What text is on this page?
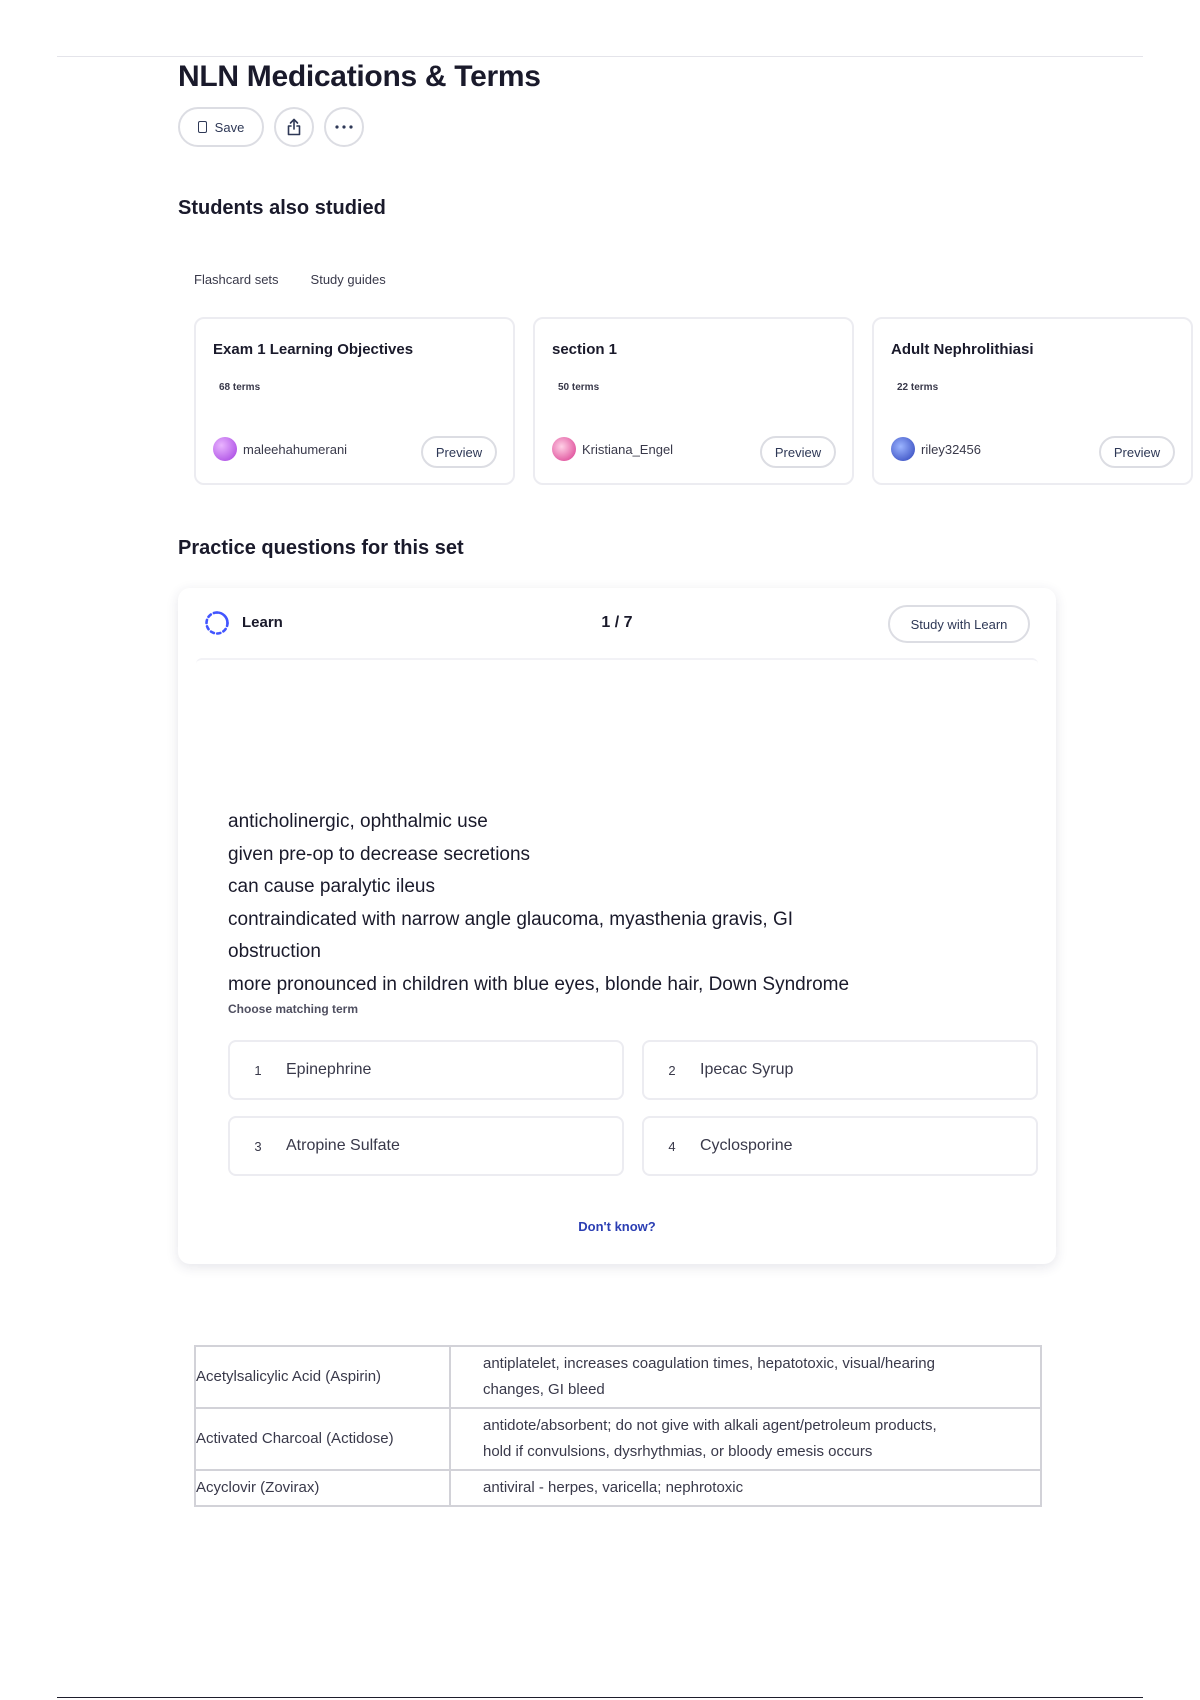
NLN Medications & Terms
Save
Students also studied
Flashcard sets Study guides
Exam 1 Learning Objectives
68 terms
maleehahumerani	Preview
section 1
50 terms
Kristiana_Engel	Preview
Adult Nephrolithiasi
22 terms
riley32456	Preview
Practice questions for this set
Learn	1 / 7	Study with Learn
anticholinergic, ophthalmic use
given pre-op to decrease secretions
can cause paralytic ileus
contraindicated with narrow angle glaucoma, myasthenia gravis, GI
obstruction
more pronounced in children with blue eyes, blonde hair, Down Syndrome
Choose matching term
1	Epinephrine	2	Ipecac Syrup
3	Atropine Sulfate	4	Cyclosporine
Don't know?
Acetylsalicylic Acid (Aspirin)	antiplatelet, increases coagulation times, hepatotoxic, visual/hearing changes, GI bleed
Activated Charcoal (Actidose)	antidote/absorbent; do not give with alkali agent/petroleum products, hold if convulsions, dysrhythmias, or bloody emesis occurs
Acyclovir (Zovirax)	antiviral - herpes, varicella; nephrotoxic
